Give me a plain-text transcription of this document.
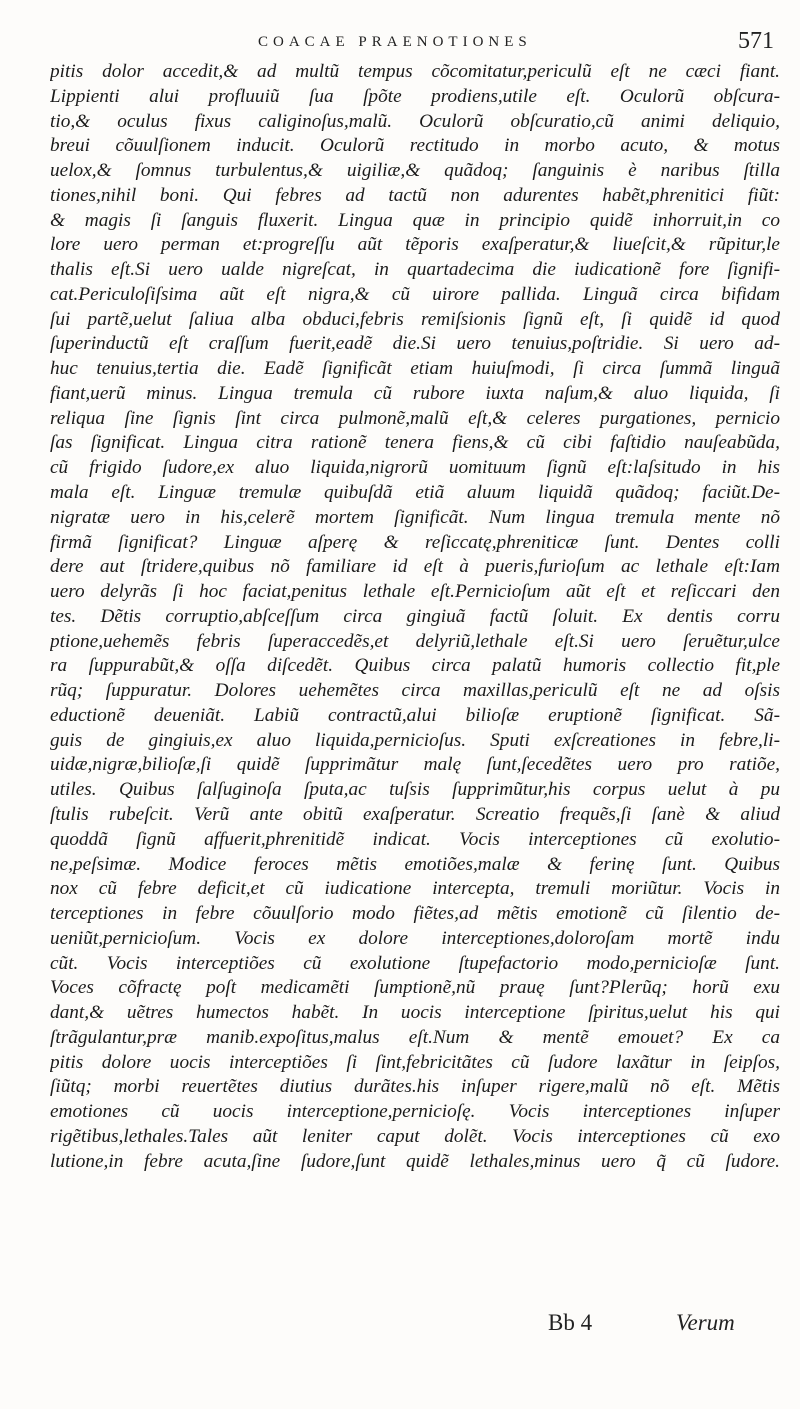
COACAE PRAENOTIONES	571
pitis dolor accedit,& ad multũ tempus cõcomitatur,periculũ eſt ne cæci fiant.
Lippienti alui profluuiũ ſua ſpõte prodiens,utile eſt. Oculorũ obſcura-
tio,& oculus fixus caliginoſus,malũ. Oculorũ obſcuratio,cũ animi deliquio,
breui cõuulſionem inducit. Oculorũ rectitudo in morbo acuto, & motus
uelox,& ſomnus turbulentus,& uigiliæ,& quãdoq; ſanguinis è naribus ſtilla
tiones,nihil boni. Qui febres ad tactũ non adurentes habẽt,phrenitici fiũt:
& magis ſi ſanguis fluxerit. Lingua quæ in principio quidẽ inhorruit,in co
lore uero perman et:progreſſu aũt tẽporis exaſperatur,& liueſcit,& rũpitur,le
thalis eſt.Si uero ualde nigreſcat, in quartadecima die iudicationẽ fore ſignifi-
cat.Periculoſiſsima aũt eſt nigra,& cũ uirore pallida. Linguã circa bifidam
ſui partẽ,uelut ſaliua alba obduci,febris remiſsionis ſignũ eſt, ſi quidẽ id quod
ſuperinductũ eſt craſſum fuerit,eadẽ die.Si uero tenuius,poſtridie. Si uero ad-
huc tenuius,tertia die. Eadẽ ſignificãt etiam huiuſmodi, ſi circa ſummã linguã
fiant,uerũ minus. Lingua tremula cũ rubore iuxta naſum,& aluo liquida, ſi
reliqua ſine ſignis ſint circa pulmonẽ,malũ eſt,& celeres purgationes, pernicio
ſas ſignificat. Lingua citra rationẽ tenera fiens,& cũ cibi faſtidio nauſeabũda,
cũ frigido ſudore,ex aluo liquida,nigrorũ uomituum ſignũ eſt:laſsitudo in his
mala eſt. Linguæ tremulæ quibuſdã etiã aluum liquidã quãdoq; faciũt.De-
nigratæ uero in his,celerẽ mortem ſignificãt. Num lingua tremula mente nõ
firmã ſignificat? Linguæ aſperę & reſiccatę,phreniticæ ſunt. Dentes colli
dere aut ſtridere,quibus nõ familiare id eſt à pueris,furioſum ac lethale eſt:Iam
uero delyrãs ſi hoc faciat,penitus lethale eſt.Pernicioſum aũt eſt et reſiccari den
tes. Dẽtis corruptio,abſceſſum circa gingiuã factũ ſoluit. Ex dentis corru
ptione,uehemẽs febris ſuperaccedẽs,et delyriũ,lethale eſt.Si uero ſeruẽtur,ulce
ra ſuppurabũt,& oſſa diſcedẽt. Quibus circa palatũ humoris collectio fit,ple
rũq; ſuppuratur. Dolores uehemẽtes circa maxillas,periculũ eſt ne ad oſsis
eductionẽ deueniãt. Labiũ contractũ,alui bilioſæ eruptionẽ ſignificat. Sã-
guis de gingiuis,ex aluo liquida,pernicioſus. Sputi exſcreationes in febre,li-
uidæ,nigræ,bilioſæ,ſi quidẽ ſupprimãtur malę ſunt,ſecedẽtes uero pro ratiõe,
utiles. Quibus ſalſuginoſa ſputa,ac tuſsis ſupprimũtur,his corpus uelut à pu
ſtulis rubeſcit. Verũ ante obitũ exaſperatur. Screatio frequẽs,ſi ſanè & aliud
quoddã ſignũ affuerit,phrenitidẽ indicat. Vocis interceptiones cũ exolutio-
ne,peſsimæ. Modice feroces mẽtis emotiões,malæ & ferinę ſunt. Quibus
nox cũ febre deficit,et cũ iudicatione intercepta, tremuli moriũtur. Vocis in
terceptiones in febre cõuulſorio modo fiẽtes,ad mẽtis emotionẽ cũ ſilentio de-
ueniũt,pernicioſum. Vocis ex dolore interceptiones,doloroſam mortẽ indu
cũt. Vocis interceptiões cũ exolutione ſtupefactorio modo,pernicioſæ ſunt.
Voces cõfractę poſt medicamẽti ſumptionẽ,nũ prauę ſunt?Plerũq; horũ exu
dant,& uẽtres humectos habẽt. In uocis interceptione ſpiritus,uelut his qui
ſtrãgulantur,præ manib.expoſitus,malus eſt.Num & mentẽ emouet? Ex ca
pitis dolore uocis interceptiões ſi ſint,febricitãtes cũ ſudore laxãtur in ſeipſos,
ſiũtq; morbi reuertẽtes diutius durãtes.his inſuper rigere,malũ nõ eſt. Mẽtis
emotiones cũ uocis interceptione,pernicioſę. Vocis interceptiones inſuper
rigẽtibus,lethales.Tales aũt leniter caput dolẽt. Vocis interceptiones cũ exo
lutione,in febre acuta,ſine ſudore,ſunt quidẽ lethales,minus uero q̃ cũ ſudore.
Bb 4	Verum
